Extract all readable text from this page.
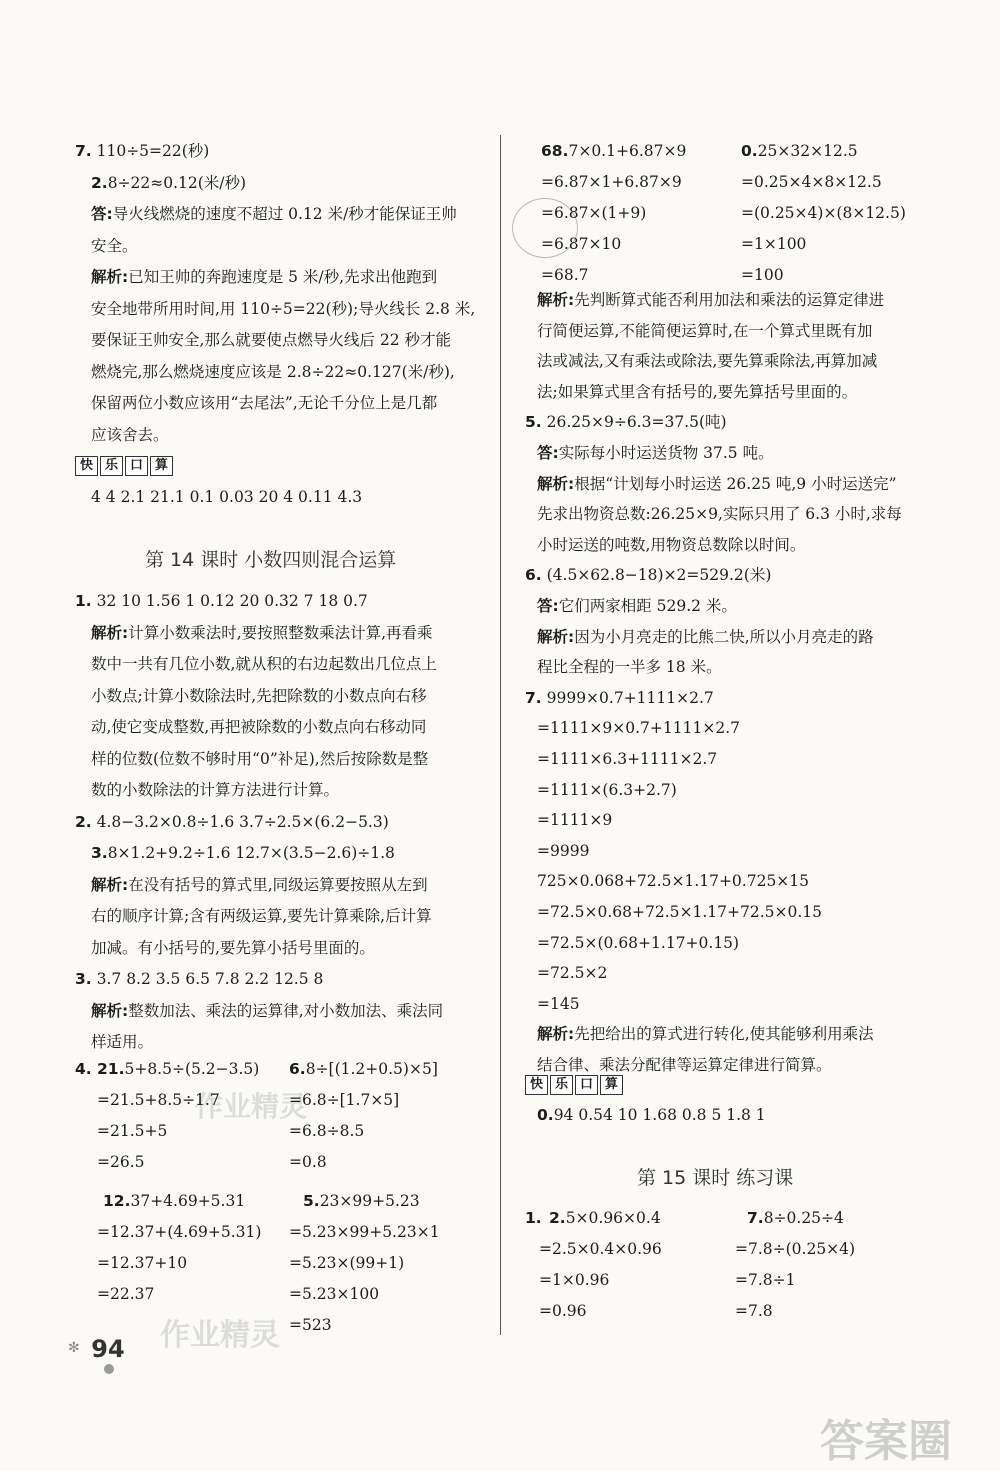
作业精灵
作业精灵
答案圈
7. 110÷5=22(秒)
2.8÷22≈0.12(米/秒)
答:导火线燃烧的速度不超过 0.12 米/秒才能保证王帅
安全。
解析:已知王帅的奔跑速度是 5 米/秒,先求出他跑到
安全地带所用时间,用 110÷5=22(秒);导火线长 2.8 米,
要保证王帅安全,那么就要使点燃导火线后 22 秒才能
燃烧完,那么燃烧速度应该是 2.8÷22≈0.127(米/秒),
保留两位小数应该用“去尾法”,无论千分位上是几都
应该舍去。
快 乐 口 算
4 4 2.1 21.1 0.1 0.03 20 4 0.11 4.3
第 14 课时 小数四则混合运算
1. 32 10 1.56 1 0.12 20 0.32 7 18 0.7
解析:计算小数乘法时,要按照整数乘法计算,再看乘
数中一共有几位小数,就从积的右边起数出几位点上
小数点;计算小数除法时,先把除数的小数点向右移
动,使它变成整数,再把被除数的小数点向右移动同
样的位数(位数不够时用“0”补足),然后按除数是整
数的小数除法的计算方法进行计算。
2. 4.8−3.2×0.8÷1.6 3.7÷2.5×(6.2−5.3)
3.8×1.2+9.2÷1.6 12.7×(3.5−2.6)÷1.8
解析:在没有括号的算式里,同级运算要按照从左到
右的顺序计算;含有两级运算,要先计算乘除,后计算
加减。有小括号的,要先算小括号里面的。
3. 3.7 8.2 3.5 6.5 7.8 2.2 12.5 8
解析:整数加法、乘法的运算律,对小数加法、乘法同
样适用。
4. 21.5+8.5÷(5.2−3.5)
=21.5+8.5÷1.7
=21.5+5
=26.5
12.37+4.69+5.31
=12.37+(4.69+5.31)
=12.37+10
=22.37
6.8÷[(1.2+0.5)×5]
=6.8÷[1.7×5]
=6.8÷8.5
=0.8
5.23×99+5.23
=5.23×99+5.23×1
=5.23×(99+1)
=5.23×100
=523
68.7×0.1+6.87×9
=6.87×1+6.87×9
=6.87×(1+9)
=6.87×10
=68.7
0.25×32×12.5
=0.25×4×8×12.5
=(0.25×4)×(8×12.5)
=1×100
=100
解析:先判断算式能否利用加法和乘法的运算定律进
行简便运算,不能简便运算时,在一个算式里既有加
法或减法,又有乘法或除法,要先算乘除法,再算加减
法;如果算式里含有括号的,要先算括号里面的。
5. 26.25×9÷6.3=37.5(吨)
答:实际每小时运送货物 37.5 吨。
解析:根据“计划每小时运送 26.25 吨,9 小时运送完”
先求出物资总数:26.25×9,实际只用了 6.3 小时,求每
小时运送的吨数,用物资总数除以时间。
6. (4.5×62.8−18)×2=529.2(米)
答:它们两家相距 529.2 米。
解析:因为小月亮走的比熊二快,所以小月亮走的路
程比全程的一半多 18 米。
7. 9999×0.7+1111×2.7
=1111×9×0.7+1111×2.7
=1111×6.3+1111×2.7
=1111×(6.3+2.7)
=1111×9
=9999
725×0.068+72.5×1.17+0.725×15
=72.5×0.68+72.5×1.17+72.5×0.15
=72.5×(0.68+1.17+0.15)
=72.5×2
=145
解析:先把给出的算式进行转化,使其能够利用乘法
结合律、乘法分配律等运算定律进行简算。
快 乐 口 算
0.94 0.54 10 1.68 0.8 5 1.8 1
第 15 课时 练习课
1. 2.5×0.96×0.4
=2.5×0.4×0.96
=1×0.96
=0.96
7.8÷0.25÷4
=7.8÷(0.25×4)
=7.8÷1
=7.8
✻ 94
